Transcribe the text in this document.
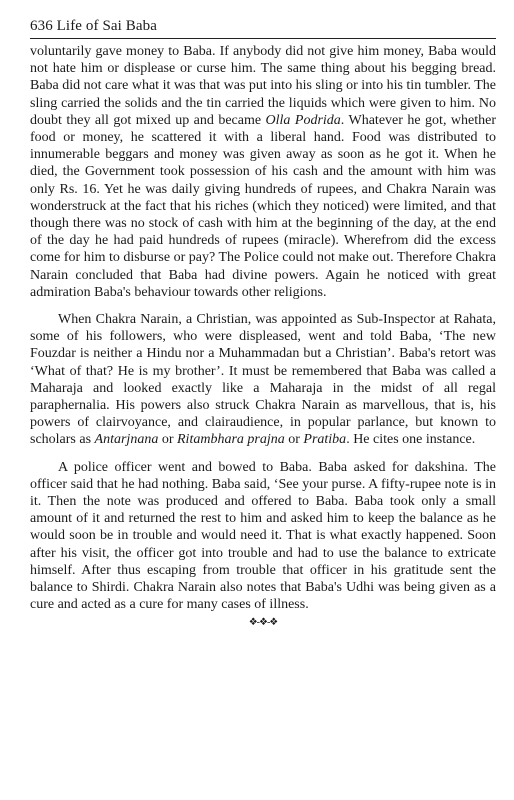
636 Life of Sai Baba

voluntarily gave money to Baba. If anybody did not give him money, Baba would not hate him or displease or curse him. The same thing about his begging bread. Baba did not care what it was that was put into his sling or into his tin tumbler. The sling carried the solids and the tin carried the liquids which were given to him. No doubt they all got mixed up and became Olla Podrida. Whatever he got, whether food or money, he scattered it with a liberal hand. Food was distributed to innumerable beggars and money was given away as soon as he got it. When he died, the Government took possession of his cash and the amount with him was only Rs. 16. Yet he was daily giving hundreds of rupees, and Chakra Narain was wonderstruck at the fact that his riches (which they noticed) were limited, and that though there was no stock of cash with him at the beginning of the day, at the end of the day he had paid hundreds of rupees (miracle). Wherefrom did the excess come for him to disburse or pay? The Police could not make out. Therefore Chakra Narain concluded that Baba had divine powers. Again he noticed with great admiration Baba's behaviour towards other religions.

When Chakra Narain, a Christian, was appointed as Sub-Inspector at Rahata, some of his followers, who were displeased, went and told Baba, ‘The new Fouzdar is neither a Hindu nor a Muhammadan but a Christian’. Baba's retort was ‘What of that? He is my brother’. It must be remembered that Baba was called a Maharaja and looked exactly like a Maharaja in the midst of all regal paraphernalia. His powers also struck Chakra Narain as marvellous, that is, his powers of clairvoyance, and clairaudience, in popular parlance, but known to scholars as Antarjnana or Ritambhara prajna or Pratiba. He cites one instance.

A police officer went and bowed to Baba. Baba asked for dakshina. The officer said that he had nothing. Baba said, ‘See your purse. A fifty-rupee note is in it. Then the note was produced and offered to Baba. Baba took only a small amount of it and returned the rest to him and asked him to keep the balance as he would soon be in trouble and would need it. That is what exactly happened. Soon after his visit, the officer got into trouble and had to use the balance to extricate himself. After thus escaping from trouble that officer in his gratitude sent the balance to Shirdi. Chakra Narain also notes that Baba's Udhi was being given as a cure and acted as a cure for many cases of illness.

❖-❖-❖
